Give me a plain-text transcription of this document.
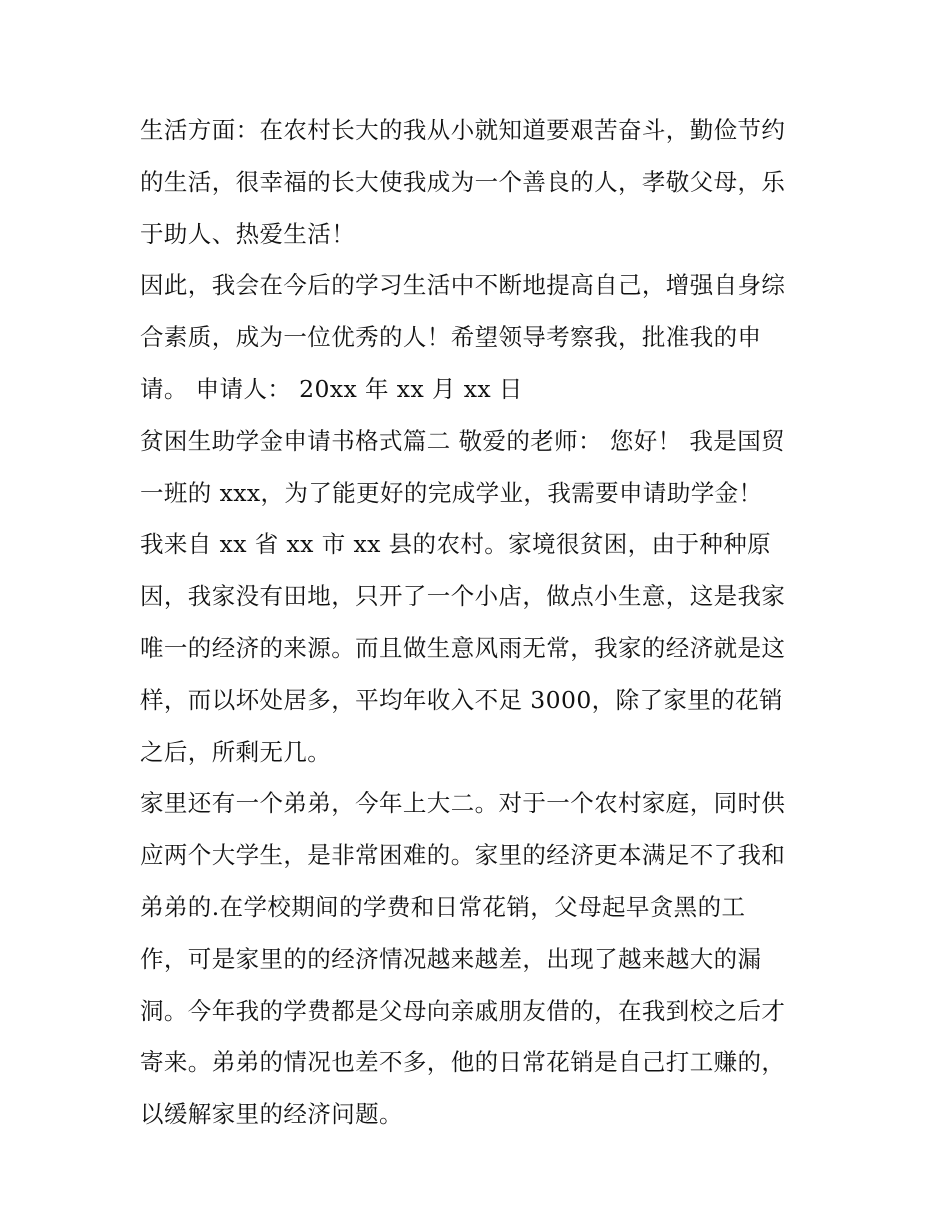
生活方面：在农村长大的我从小就知道要艰苦奋斗，勤俭节约
的生活，很幸福的长大使我成为一个善良的人，孝敬父母，乐
于助人、热爱生活！
因此，我会在今后的学习生活中不断地提高自己，增强自身综
合素质，成为一位优秀的人！希望领导考察我，批准我的申
请。 申请人： 20xx 年 xx 月 xx 日
贫困生助学金申请书格式篇二 敬爱的老师： 您好！ 我是国贸
一班的 xxx，为了能更好的完成学业，我需要申请助学金！
我来自 xx 省 xx 市 xx 县的农村。家境很贫困，由于种种原
因，我家没有田地，只开了一个小店，做点小生意，这是我家
唯一的经济的来源。而且做生意风雨无常，我家的经济就是这
样，而以坏处居多，平均年收入不足 3000，除了家里的花销
之后，所剩无几。
家里还有一个弟弟，今年上大二。对于一个农村家庭，同时供
应两个大学生，是非常困难的。家里的经济更本满足不了我和
弟弟的.在学校期间的学费和日常花销，父母起早贪黑的工
作，可是家里的的经济情况越来越差，出现了越来越大的漏
洞。今年我的学费都是父母向亲戚朋友借的，在我到校之后才
寄来。弟弟的情况也差不多，他的日常花销是自己打工赚的，
以缓解家里的经济问题。
